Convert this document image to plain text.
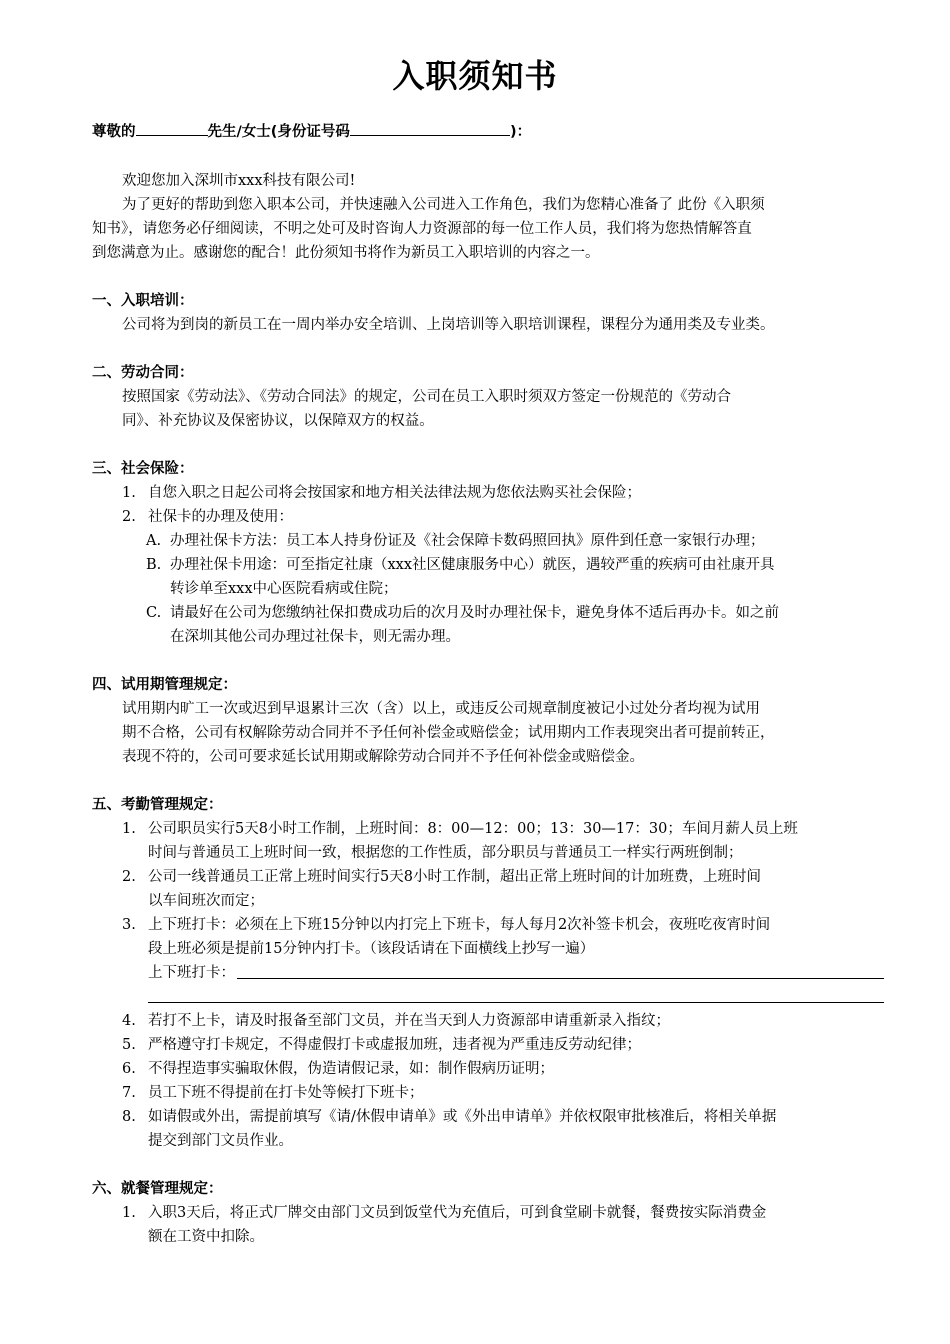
入职须知书
尊敬的	先生/女士(身份证号码	)：

欢迎您加入深圳市xxx科技有限公司!

为了更好的帮助到您入职本公司，并快速融入公司进入工作角色，我们为您精心准备了 此份《入职须

知书》，请您务必仔细阅读，不明之处可及时咨询人力资源部的每一位工作人员，我们将为您热情解答直

到您满意为止。感谢您的配合！此份须知书将作为新员工入职培训的内容之一。

一、入职培训：

公司将为到岗的新员工在一周内举办安全培训、上岗培训等入职培训课程，课程分为通用类及专业类。

二、劳动合同：

按照国家《劳动法》、《劳动合同法》的规定，公司在员工入职时须双方签定一份规范的《劳动合

同》、补充协议及保密协议，以保障双方的权益。

三、社会保险：

1. 自您入职之日起公司将会按国家和地方相关法律法规为您依法购买社会保险；
2. 社保卡的办理及使用：
A. 办理社保卡方法：员工本人持身份证及《社会保障卡数码照回执》原件到任意一家银行办理；
B. 办理社保卡用途：可至指定社康（xxx社区健康服务中心）就医，遇较严重的疾病可由社康开具
转诊单至xxx中心医院看病或住院；
C. 请最好在公司为您缴纳社保扣费成功后的次月及时办理社保卡，避免身体不适后再办卡。如之前
在深圳其他公司办理过社保卡，则无需办理。

四、试用期管理规定：

试用期内旷工一次或迟到早退累计三次（含）以上，或违反公司规章制度被记小过处分者均视为试用

期不合格，公司有权解除劳动合同并不予任何补偿金或赔偿金；试用期内工作表现突出者可提前转正，

表现不符的，公司可要求延长试用期或解除劳动合同并不予任何补偿金或赔偿金。

五、考勤管理规定：

1. 公司职员实行5天8小时工作制，上班时间：8：00—12：00；13：30—17：30；车间月薪人员上班
时间与普通员工上班时间一致，根据您的工作性质，部分职员与普通员工一样实行两班倒制；
2. 公司一线普通员工正常上班时间实行5天8小时工作制，超出正常上班时间的计加班费，上班时间
以车间班次而定；
3. 上下班打卡：必须在上下班15分钟以内打完上下班卡，每人每月2次补签卡机会，夜班吃夜宵时间
段上班必须是提前15分钟内打卡。（该段话请在下面横线上抄写一遍）
上下班打卡：
4. 若打不上卡，请及时报备至部门文员，并在当天到人力资源部申请重新录入指纹；
5. 严格遵守打卡规定，不得虚假打卡或虚报加班，违者视为严重违反劳动纪律；
6. 不得捏造事实骗取休假，伪造请假记录，如：制作假病历证明；
7. 员工下班不得提前在打卡处等候打下班卡；
8. 如请假或外出，需提前填写《请/休假申请单》或《外出申请单》并依权限审批核准后，将相关单据
提交到部门文员作业。

六、就餐管理规定：

1. 入职3天后，将正式厂牌交由部门文员到饭堂代为充值后，可到食堂刷卡就餐，餐费按实际消费金
额在工资中扣除。
